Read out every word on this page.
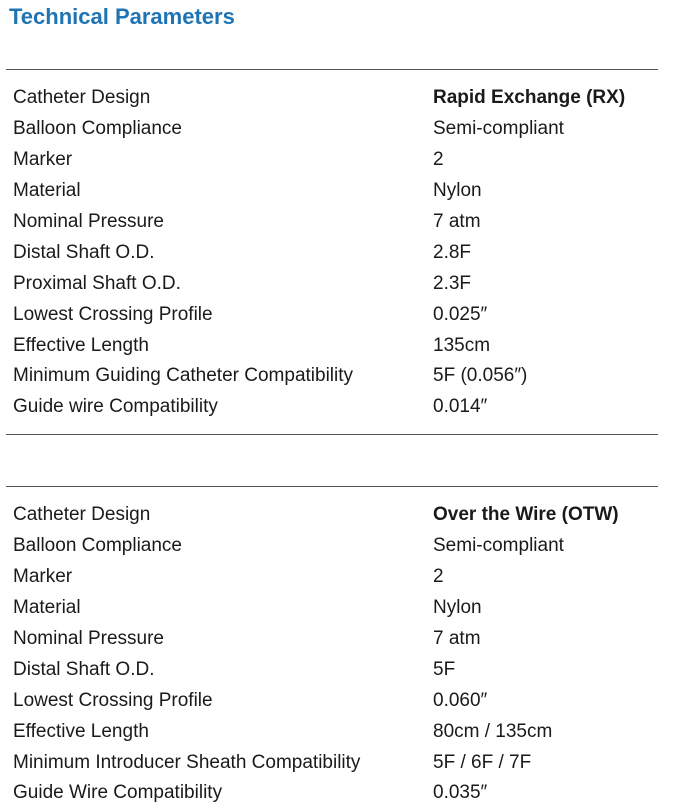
Technical Parameters
Catheter Design	Rapid Exchange (RX)
Balloon Compliance	Semi-compliant
Marker	2
Material	Nylon
Nominal Pressure	7 atm
Distal Shaft O.D.	2.8F
Proximal Shaft O.D.	2.3F
Lowest Crossing Profile	0.025″
Effective Length	135cm
Minimum Guiding Catheter Compatibility	5F (0.056″)
Guide wire Compatibility	0.014″
Catheter Design	Over the Wire (OTW)
Balloon Compliance	Semi-compliant
Marker	2
Material	Nylon
Nominal Pressure	7 atm
Distal Shaft O.D.	5F
Lowest Crossing Profile	0.060″
Effective Length	80cm / 135cm
Minimum Introducer Sheath Compatibility	5F / 6F / 7F
Guide Wire Compatibility	0.035″
